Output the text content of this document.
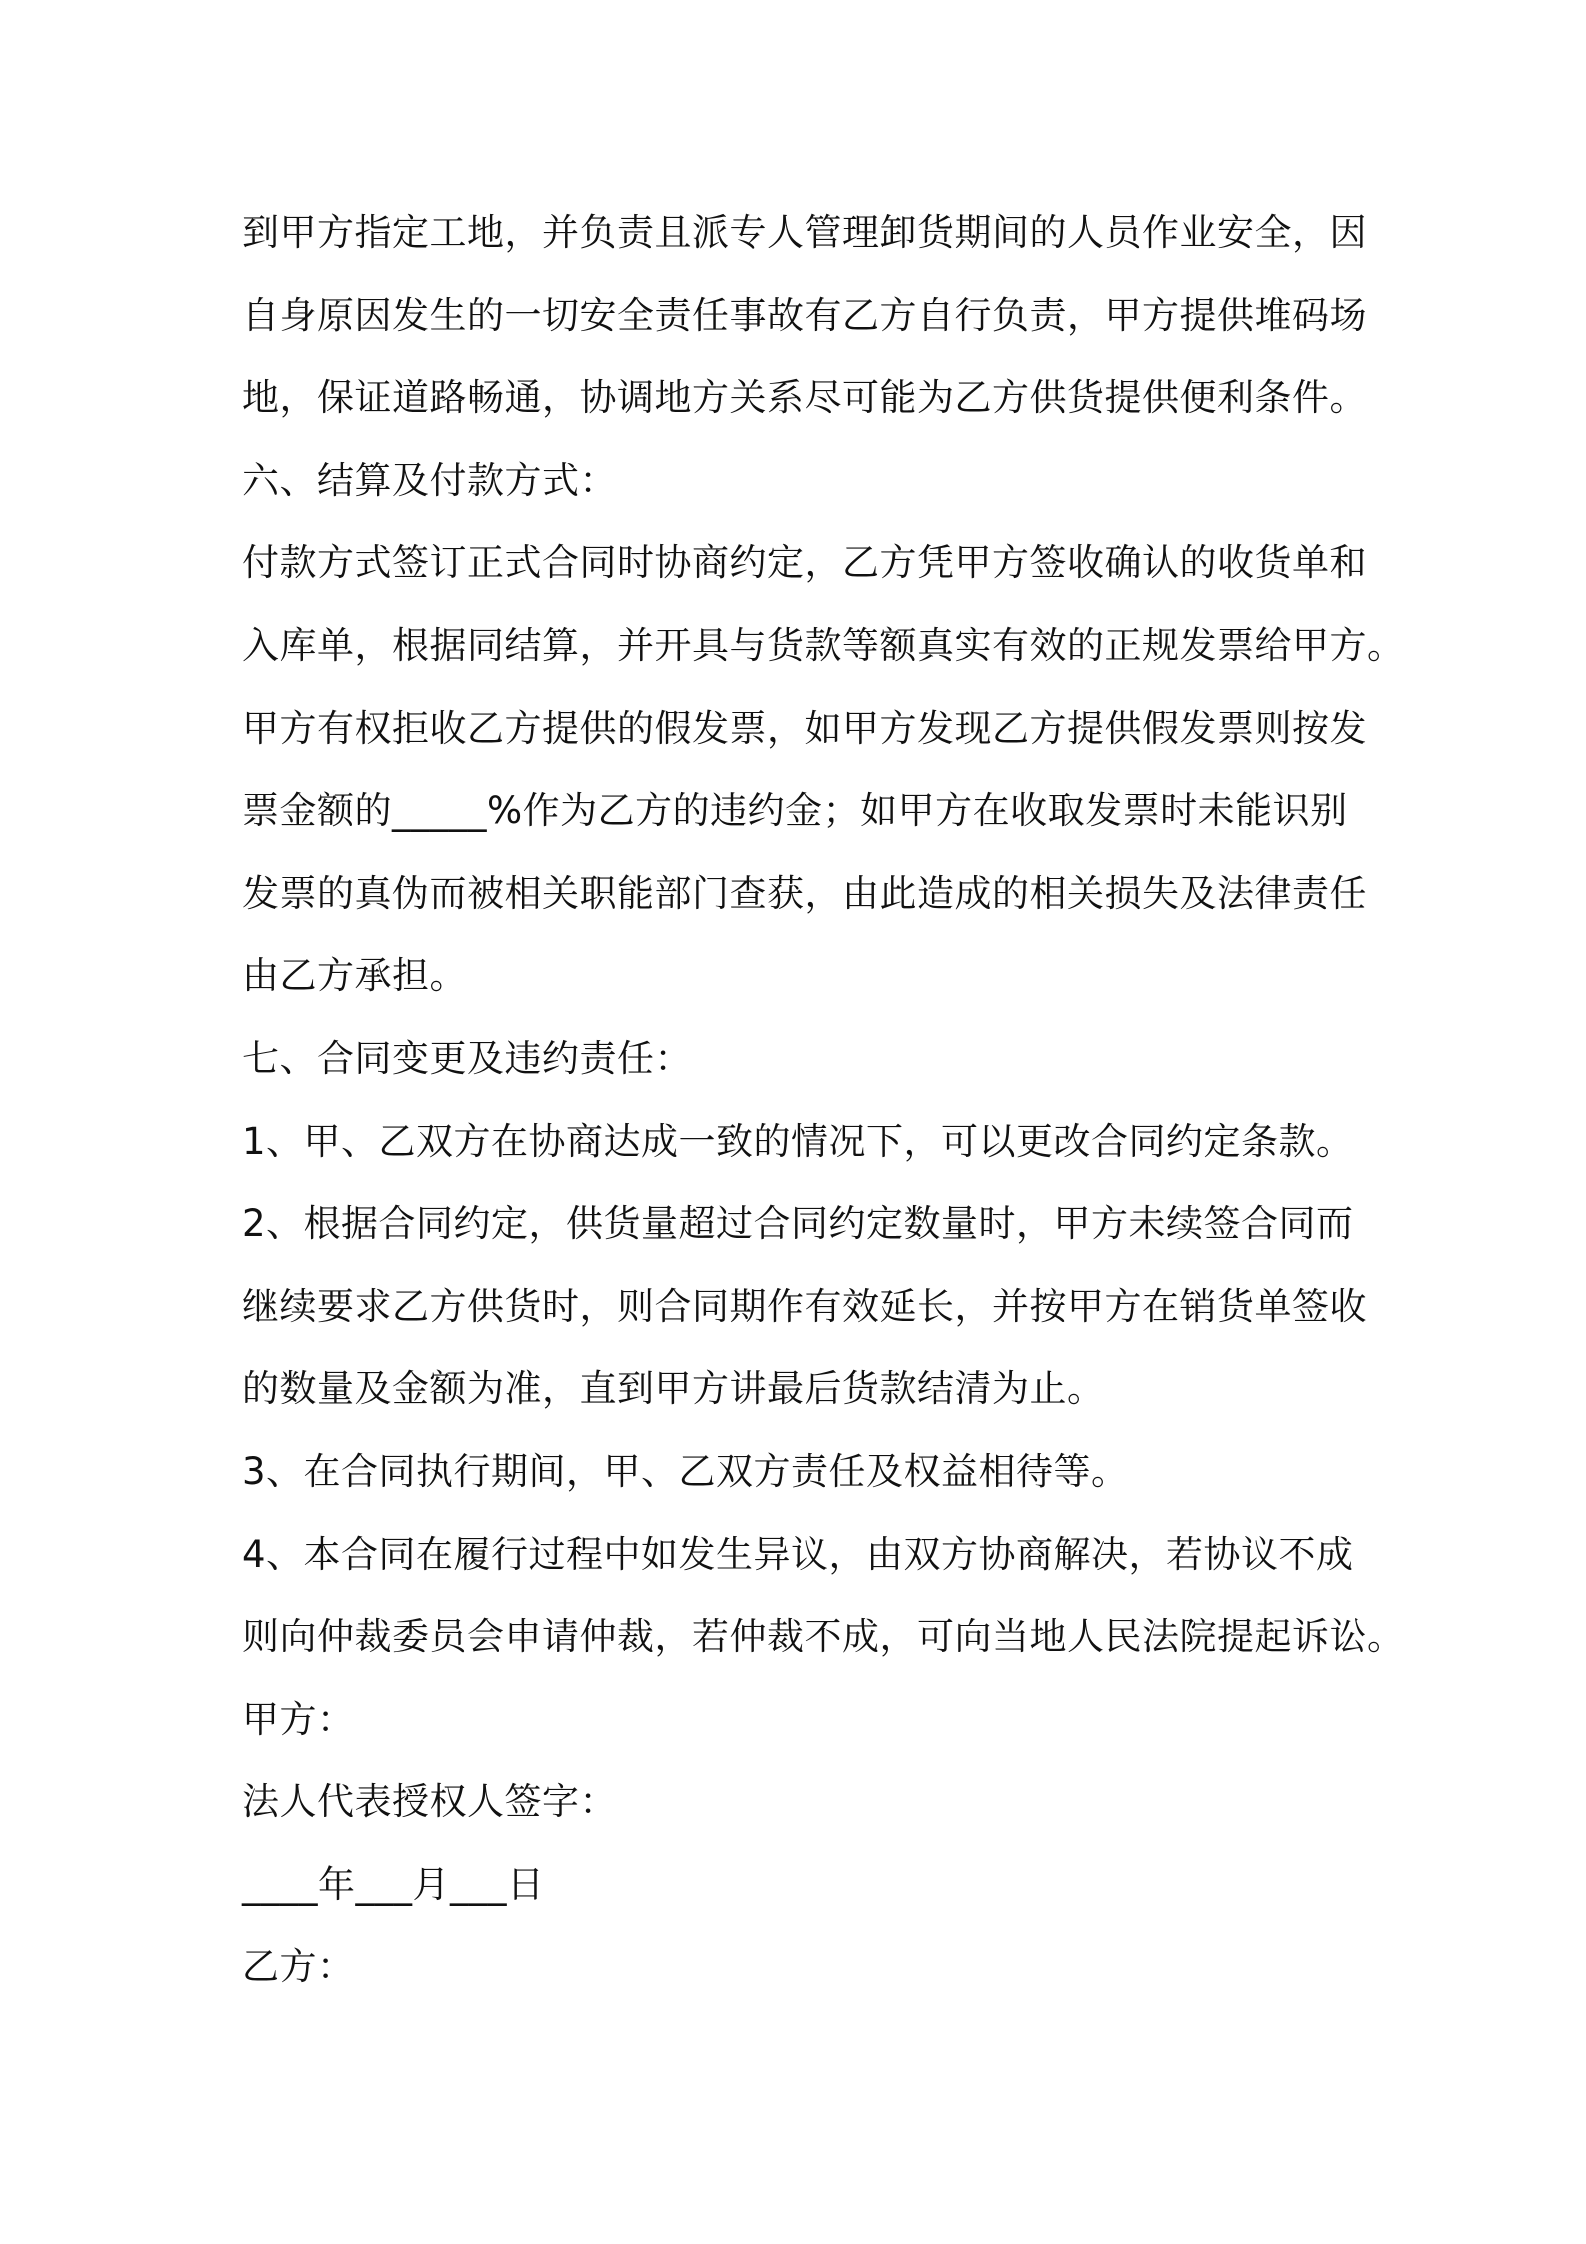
到甲方指定工地，并负责且派专人管理卸货期间的人员作业安全，因
自身原因发生的一切安全责任事故有乙方自行负责，甲方提供堆码场
地，保证道路畅通，协调地方关系尽可能为乙方供货提供便利条件。
六、结算及付款方式：
付款方式签订正式合同时协商约定，乙方凭甲方签收确认的收货单和
入库单，根据同结算，并开具与货款等额真实有效的正规发票给甲方。
甲方有权拒收乙方提供的假发票，如甲方发现乙方提供假发票则按发
票金额的_____%作为乙方的违约金；如甲方在收取发票时未能识别
发票的真伪而被相关职能部门查获，由此造成的相关损失及法律责任
由乙方承担。
七、合同变更及违约责任：
1、甲、乙双方在协商达成一致的情况下，可以更改合同约定条款。
2、根据合同约定，供货量超过合同约定数量时，甲方未续签合同而
继续要求乙方供货时，则合同期作有效延长，并按甲方在销货单签收
的数量及金额为准，直到甲方讲最后货款结清为止。
3、在合同执行期间，甲、乙双方责任及权益相待等。
4、本合同在履行过程中如发生异议，由双方协商解决，若协议不成
则向仲裁委员会申请仲裁，若仲裁不成，可向当地人民法院提起诉讼。
甲方：
法人代表授权人签字：
____年___月___日
乙方：
